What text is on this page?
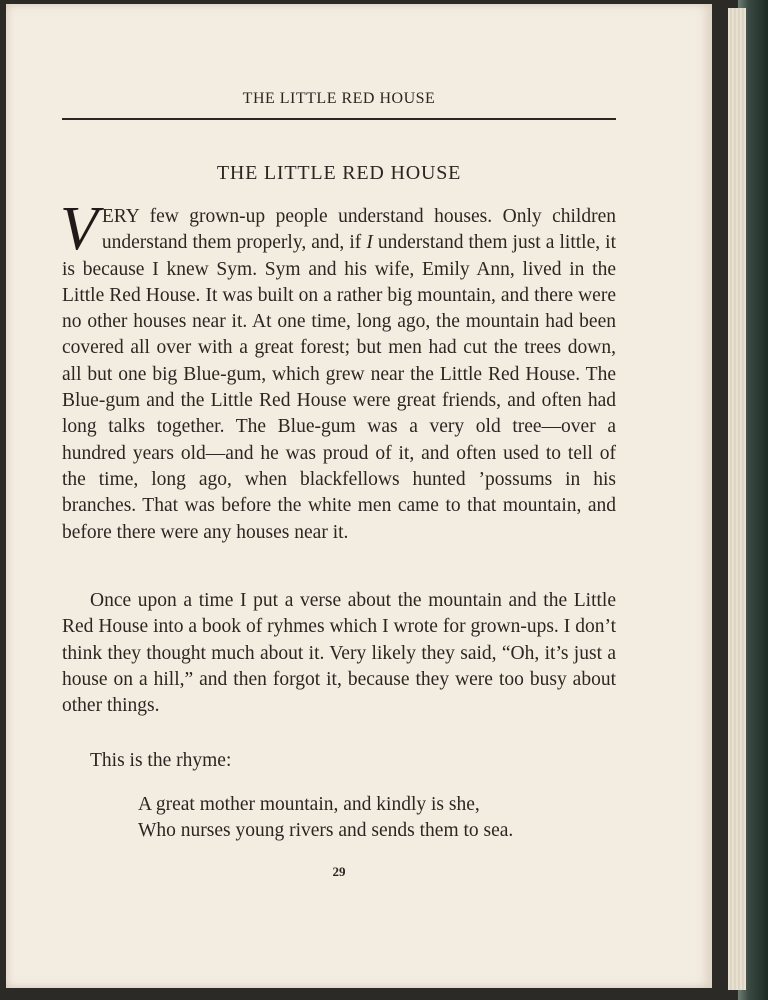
THE LITTLE RED HOUSE
THE LITTLE RED HOUSE
VERY few grown-up people understand houses. Only children understand them properly, and, if I understand them just a little, it is because I knew Sym. Sym and his wife, Emily Ann, lived in the Little Red House. It was built on a rather big mountain, and there were no other houses near it. At one time, long ago, the mountain had been covered all over with a great forest; but men had cut the trees down, all but one big Blue-gum, which grew near the Little Red House. The Blue-gum and the Little Red House were great friends, and often had long talks together. The Blue-gum was a very old tree—over a hundred years old—and he was proud of it, and often used to tell of the time, long ago, when blackfellows hunted ’possums in his branches. That was before the white men came to that mountain, and before there were any houses near it.
Once upon a time I put a verse about the mountain and the Little Red House into a book of ryhmes which I wrote for grown-ups. I don’t think they thought much about it. Very likely they said, “Oh, it’s just a house on a hill,” and then forgot it, because they were too busy about other things.
This is the rhyme:
A great mother mountain, and kindly is she,
Who nurses young rivers and sends them to sea.
29
